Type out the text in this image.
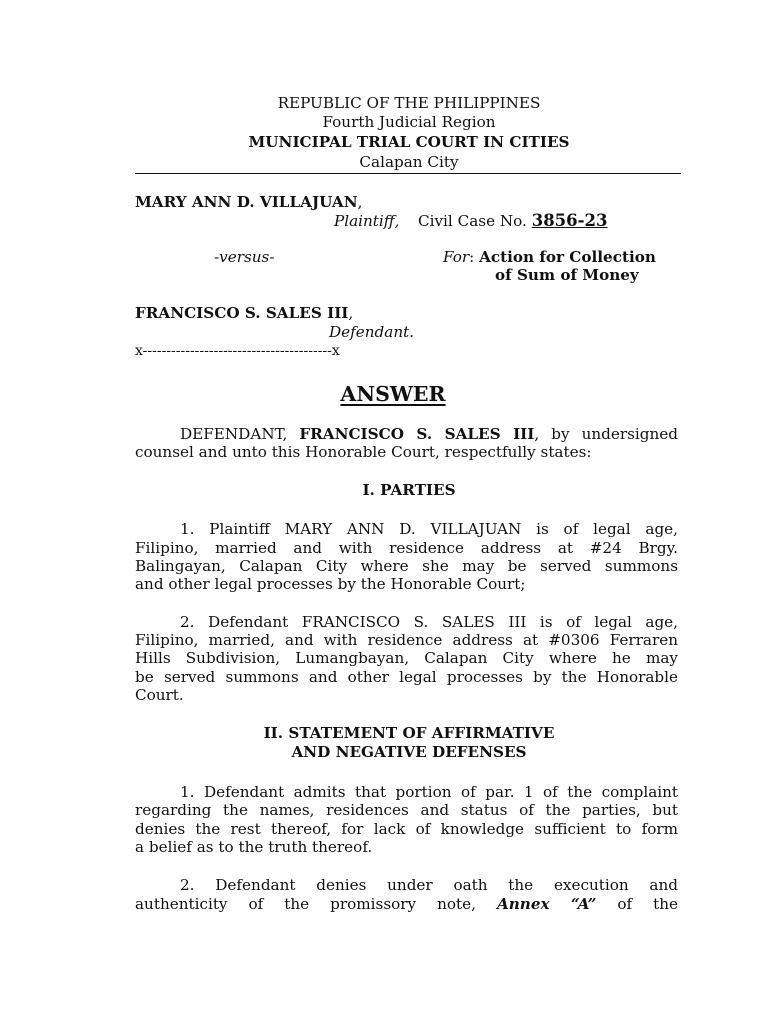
REPUBLIC OF THE PHILIPPINES
Fourth Judicial Region
MUNICIPAL TRIAL COURT IN CITIES
Calapan City
MARY ANN D. VILLAJUAN,
Plaintiff, Civil Case No. 3856-23
-versus-	For: Action for Collection
of Sum of Money
FRANCISCO S. SALES III,
Defendant.
x----------------------------------------x
ANSWER
DEFENDANT, FRANCISCO S. SALES III, by undersigned
counsel and unto this Honorable Court, respectfully states:
I. PARTIES
1. Plaintiff MARY ANN D. VILLAJUAN is of legal age,
Filipino, married and with residence address at #24 Brgy.
Balingayan, Calapan City where she may be served summons
and other legal processes by the Honorable Court;
2. Defendant FRANCISCO S. SALES III is of legal age,
Filipino, married, and with residence address at #0306 Ferraren
Hills Subdivision, Lumangbayan, Calapan City where he may
be served summons and other legal processes by the Honorable
Court.
II. STATEMENT OF AFFIRMATIVE
AND NEGATIVE DEFENSES
1. Defendant admits that portion of par. 1 of the complaint
regarding the names, residences and status of the parties, but
denies the rest thereof, for lack of knowledge sufficient to form
a belief as to the truth thereof.
2. Defendant denies under oath the execution and
authenticity of the promissory note, Annex “A” of the
